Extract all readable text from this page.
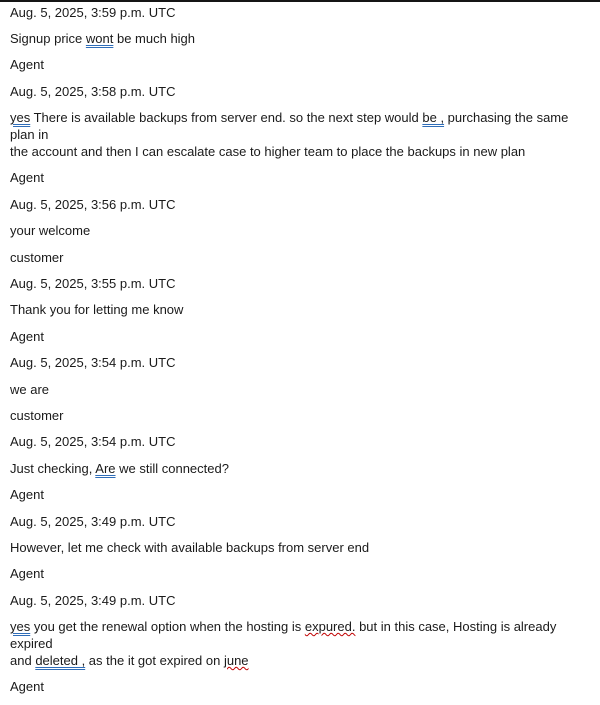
Aug. 5, 2025, 3:59 p.m. UTC

Signup price wont be much high

Agent

Aug. 5, 2025, 3:58 p.m. UTC

yes There is available backups from server end. so the next step would be , purchasing the same plan in
the account and then I can escalate case to higher team to place the backups in new plan

Agent

Aug. 5, 2025, 3:56 p.m. UTC

your welcome

customer

Aug. 5, 2025, 3:55 p.m. UTC

Thank you for letting me know

Agent

Aug. 5, 2025, 3:54 p.m. UTC

we are

customer

Aug. 5, 2025, 3:54 p.m. UTC

Just checking, Are we still connected?

Agent

Aug. 5, 2025, 3:49 p.m. UTC

However, let me check with available backups from server end

Agent

Aug. 5, 2025, 3:49 p.m. UTC

yes you get the renewal option when the hosting is expured. but in this case, Hosting is already expired
and deleted , as the it got expired on june

Agent
